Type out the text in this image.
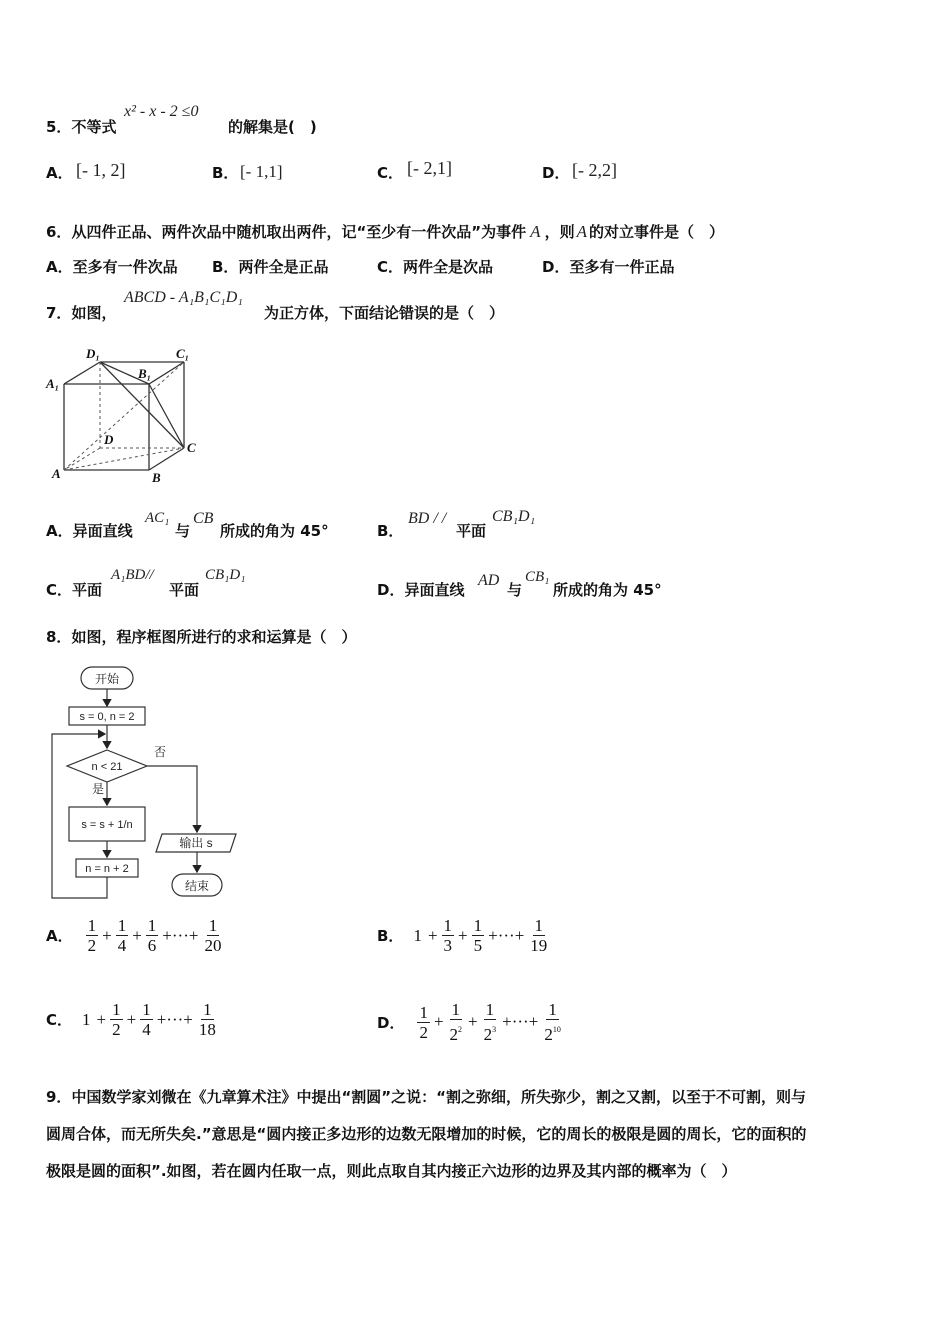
5．不等式
x² - x - 2 ≤0
的解集是(　)
A． [- 1, 2]	B． [- 1,1]	C． [- 2,1]	D． [- 2,2]
6．从四件正品、两件次品中随机取出两件，记“至少有一件次品”为事件 A ，则 A 的对立事件是（　）
A．至多有一件次品 B．两件全是正品	C．两件全是次品	D．至多有一件正品
7．如图，
ABCD - A₁B₁C₁D₁
为正方体，下面结论错误的是（　）
D₁	C₁
A₁
B₁
D
C
A	B
A．异面直线
AC₁
与
CB
所成的角为 45°	B．
BD / /
平面
CB₁D₁
C．平面
A₁BD//
平面
CB₁D₁
D．异面直线
AD
与
CB₁
所成的角为 45°
8．如图，程序框图所进行的求和运算是（　）
开始
s = 0, n = 2
n < 21
否
是
s = s + 1/n
n = n + 2
输出 s
结束
A． $\frac{1}{2} + \frac{1}{4} + \frac{1}{6}$ +···+ $\frac{1}{20}$	B． $1 + \frac{1}{3} + \frac{1}{5}$ +···+ $\frac{1}{19}$
C． $1 + \frac{1}{2} + \frac{1}{4}$ +···+ $\frac{1}{18}$	D． $\frac{1}{2} + \frac{1}{2^2} + \frac{1}{2^3}$ +···+ $\frac{1}{2^{10}}$
9．中国数学家刘微在《九章算术注》中提出“割圆”之说：“割之弥细，所失弥少，割之又割，以至于不可割，则与
圆周合体，而无所失矣.”意思是“圆内接正多边形的边数无限增加的时候，它的周长的极限是圆的周长，它的面积的
极限是圆的面积”.如图，若在圆内任取一点，则此点取自其内接正六边形的边界及其内部的概率为（　）
